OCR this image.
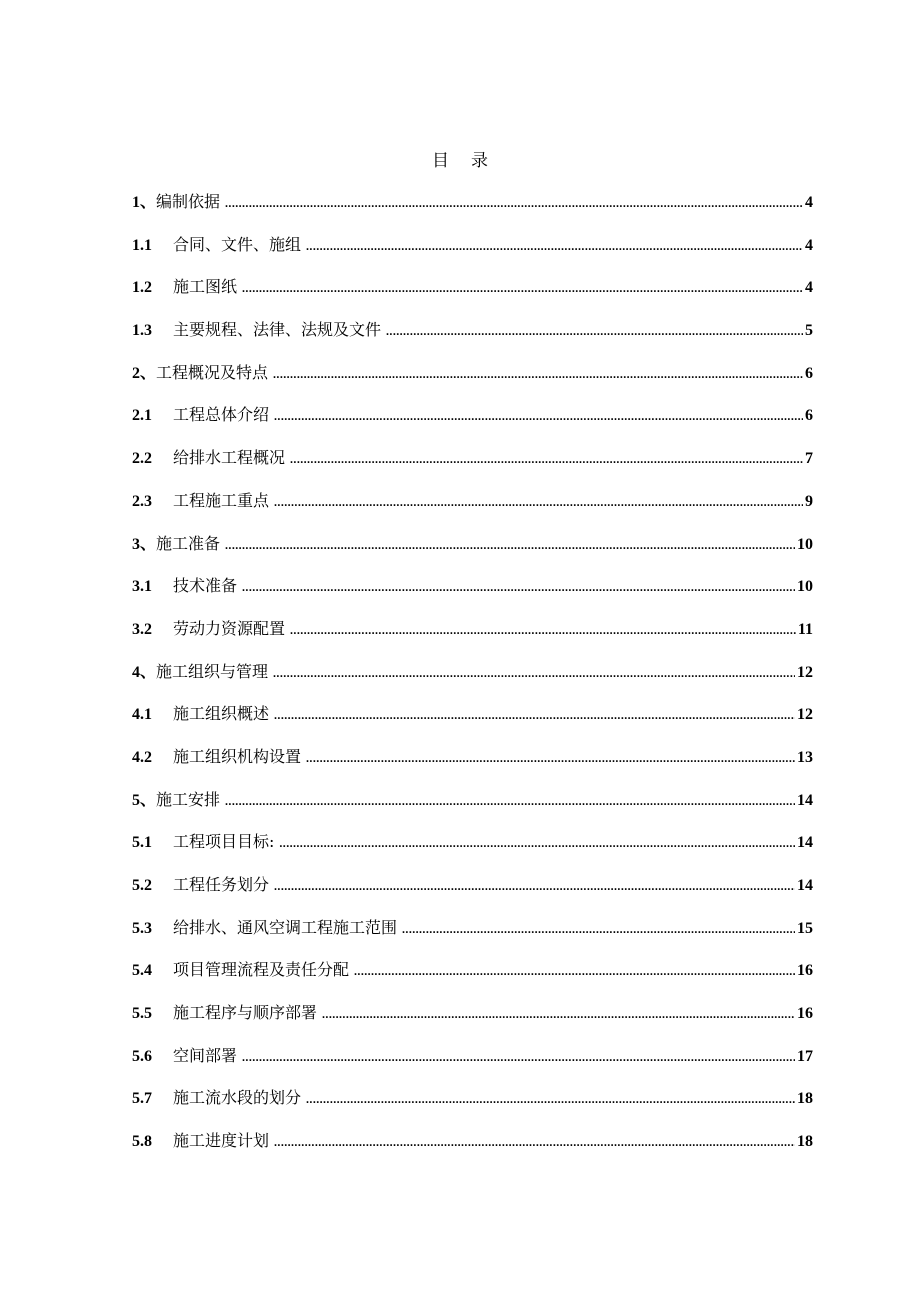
目 录
1、 编制依据 .....	4
1.1	合同、文件、施组 .....	4
1.2	施工图纸 .....	4
1.3	主要规程、法律、法规及文件 .....	5
2、 工程概况及特点 .....	6
2.1	工程总体介绍 .....	6
2.2	给排水工程概况 .....	7
2.3	工程施工重点 .....	9
3、 施工准备 .....	10
3.1	技术准备 .....	10
3.2	劳动力资源配置 .....	11
4、 施工组织与管理 .....	12
4.1	施工组织概述 .....	12
4.2	施工组织机构设置 .....	13
5、 施工安排 .....	14
5.1	工程项目目标: .....	14
5.2	工程任务划分 .....	14
5.3	给排水、通风空调工程施工范围 .....	15
5.4	项目管理流程及责任分配 .....	16
5.5	施工程序与顺序部署 .....	16
5.6	空间部署 .....	17
5.7	施工流水段的划分 .....	18
5.8	施工进度计划 .....	18
